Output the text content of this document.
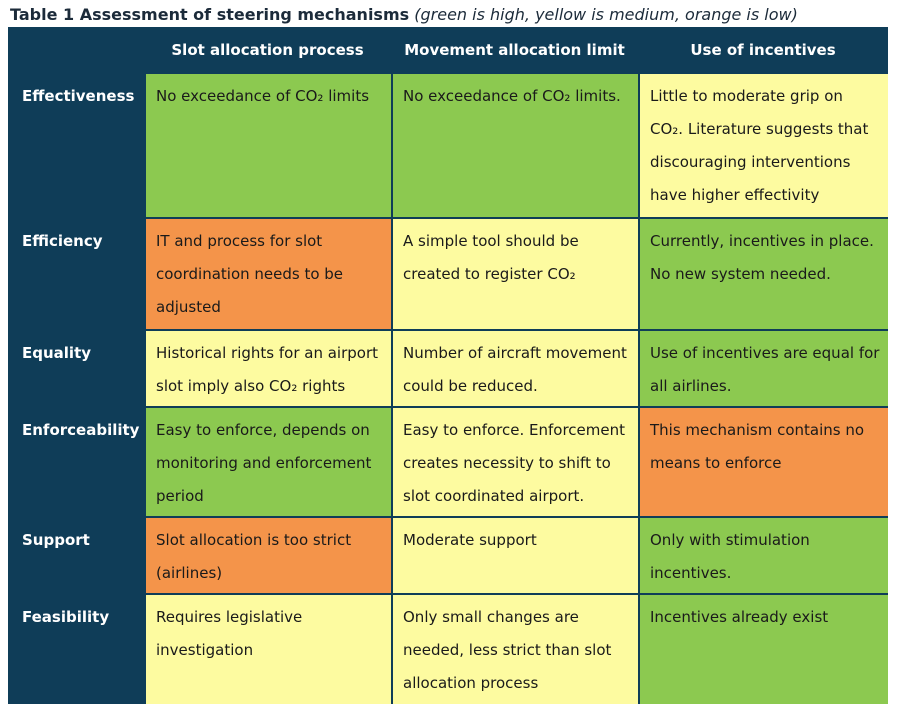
Table 1 Assessment of steering mechanisms (green is high, yellow is medium, orange is low)
	Slot allocation process	Movement allocation limit	Use of incentives
Effectiveness	No exceedance of CO₂ limits	No exceedance of CO₂ limits.	Little to moderate grip on CO₂. Literature suggests that discouraging interventions have higher effectivity
Efficiency	IT and process for slot coordination needs to be adjusted	A simple tool should be created to register CO₂	Currently, incentives in place. No new system needed.
Equality	Historical rights for an airport slot imply also CO₂ rights	Number of aircraft movement could be reduced.	Use of incentives are equal for all airlines.
Enforceability	Easy to enforce, depends on monitoring and enforcement period	Easy to enforce. Enforcement creates necessity to shift to slot coordinated airport.	This mechanism contains no means to enforce
Support	Slot allocation is too strict (airlines)	Moderate support	Only with stimulation incentives.
Feasibility	Requires legislative investigation	Only small changes are needed, less strict than slot allocation process	Incentives already exist
